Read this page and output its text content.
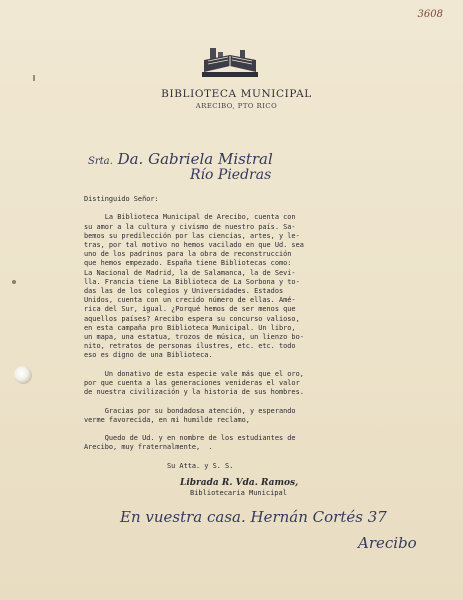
3608
BIBLIOTECA MUNICIPAL
ARECIBO, PTO RICO
Srta. Da. Gabriela Mistral
Río Piedras
Distinguido Señor:

La Biblioteca Municipal de Arecibo, cuenta con
su amor a la cultura y civismo de nuestro país. Sa-
bemos su predilección por las ciencias, artes, y le-
tras, por tal motivo no hemos vacilado en que Ud. sea
uno de los padrinos para la obra de reconstrucción
que hemos empezado. España tiene Bibliotecas como:
La Nacional de Madrid, la de Salamanca, la de Sevi-
lla. Francia tiene La Biblioteca de La Sorbona y to-
das las de los colegios y Universidades. Estados
Unidos, cuenta con un crecido número de ellas. Amé-
rica del Sur, igual. ¿Porqué hemos de ser menos que
aquellos países? Arecibo espera su concurso valioso,
en esta campaña pro Biblioteca Municipal. Un libro,
un mapa, una estatua, trozos de música, un lienzo bo-
nito, retratos de personas ilustres, etc. etc. todo
eso es digno de una Biblioteca.

Un donativo de esta especie vale más que el oro,
por que cuenta a las generaciones venideras el valor
de nuestra civilización y la historia de sus hombres.

Gracias por su bondadosa atención, y esperando
verme favorecida, en mi humilde reclamo,

Quedo de Ud. y en nombre de los estudiantes de
Arecibo, muy fraternalmente,  .

Su Atta. y S. S.
Librada R. Vda. Ramos,
Bibliotecaria Municipal
En vuestra casa. Hernán Cortés 37
Arecibo
